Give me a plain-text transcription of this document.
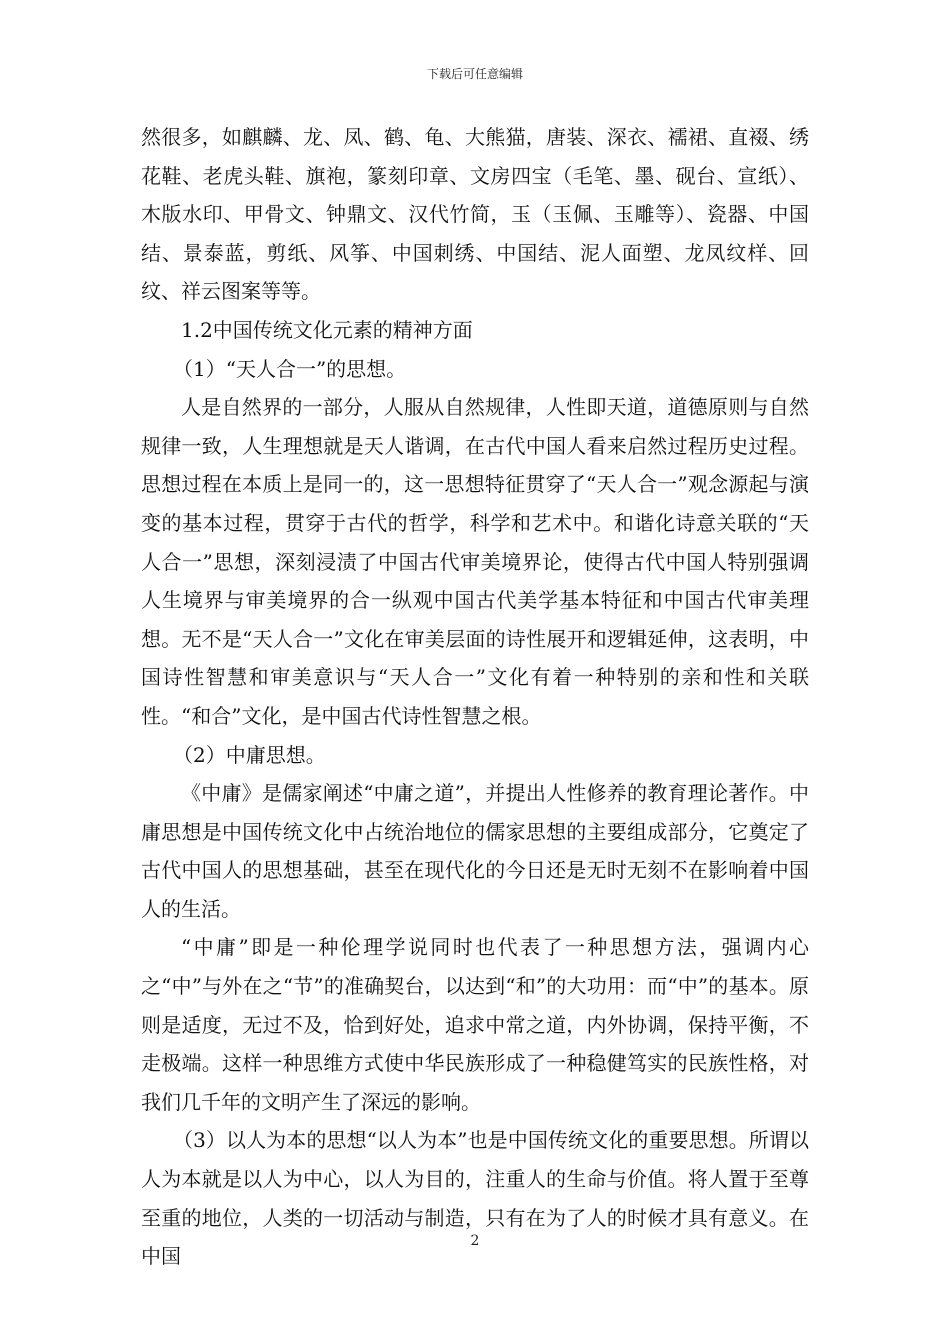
下载后可任意编辑

然很多，如麒麟、龙、凤、鹤、龟、大熊猫，唐装、深衣、襦裙、直裰、绣花鞋、老虎头鞋、旗袍，篆刻印章、文房四宝（毛笔、墨、砚台、宣纸）、木版水印、甲骨文、钟鼎文、汉代竹简，玉（玉佩、玉雕等）、瓷器、中国结、景泰蓝，剪纸、风筝、中国刺绣、中国结、泥人面塑、龙凤纹样、回纹、祥云图案等等。

1.2中国传统文化元素的精神方面

（1）“天人合一”的思想。

人是自然界的一部分，人服从自然规律，人性即天道，道德原则与自然规律一致，人生理想就是天人谐调，在古代中国人看来启然过程历史过程。思想过程在本质上是同一的，这一思想特征贯穿了“天人合一”观念源起与演变的基本过程，贯穿于古代的哲学，科学和艺术中。和谐化诗意关联的“天人合一”思想，深刻浸渍了中国古代审美境界论，使得古代中国人特别强调人生境界与审美境界的合一纵观中国古代美学基本特征和中国古代审美理想。无不是“天人合一”文化在审美层面的诗性展开和逻辑延伸，这表明，中国诗性智慧和审美意识与“天人合一”文化有着一种特别的亲和性和关联性。“和合”文化，是中国古代诗性智慧之根。

（2）中庸思想。

《中庸》是儒家阐述“中庸之道”，并提出人性修养的教育理论著作。中庸思想是中国传统文化中占统治地位的儒家思想的主要组成部分，它奠定了古代中国人的思想基础，甚至在现代化的今日还是无时无刻不在影响着中国人的生活。

“中庸”即是一种伦理学说同时也代表了一种思想方法，强调内心之“中”与外在之“节”的准确契台，以达到“和”的大功用：而“中”的基本。原则是适度，无过不及，恰到好处，追求中常之道，内外协调，保持平衡，不走极端。这样一种思维方式使中华民族形成了一种稳健笃实的民族性格，对我们几千年的文明产生了深远的影响。

（3）以人为本的思想“以人为本”也是中国传统文化的重要思想。所谓以人为本就是以人为中心，以人为目的，注重人的生命与价值。将人置于至尊至重的地位，人类的一切活动与制造，只有在为了人的时候才具有意义。在中国

2
